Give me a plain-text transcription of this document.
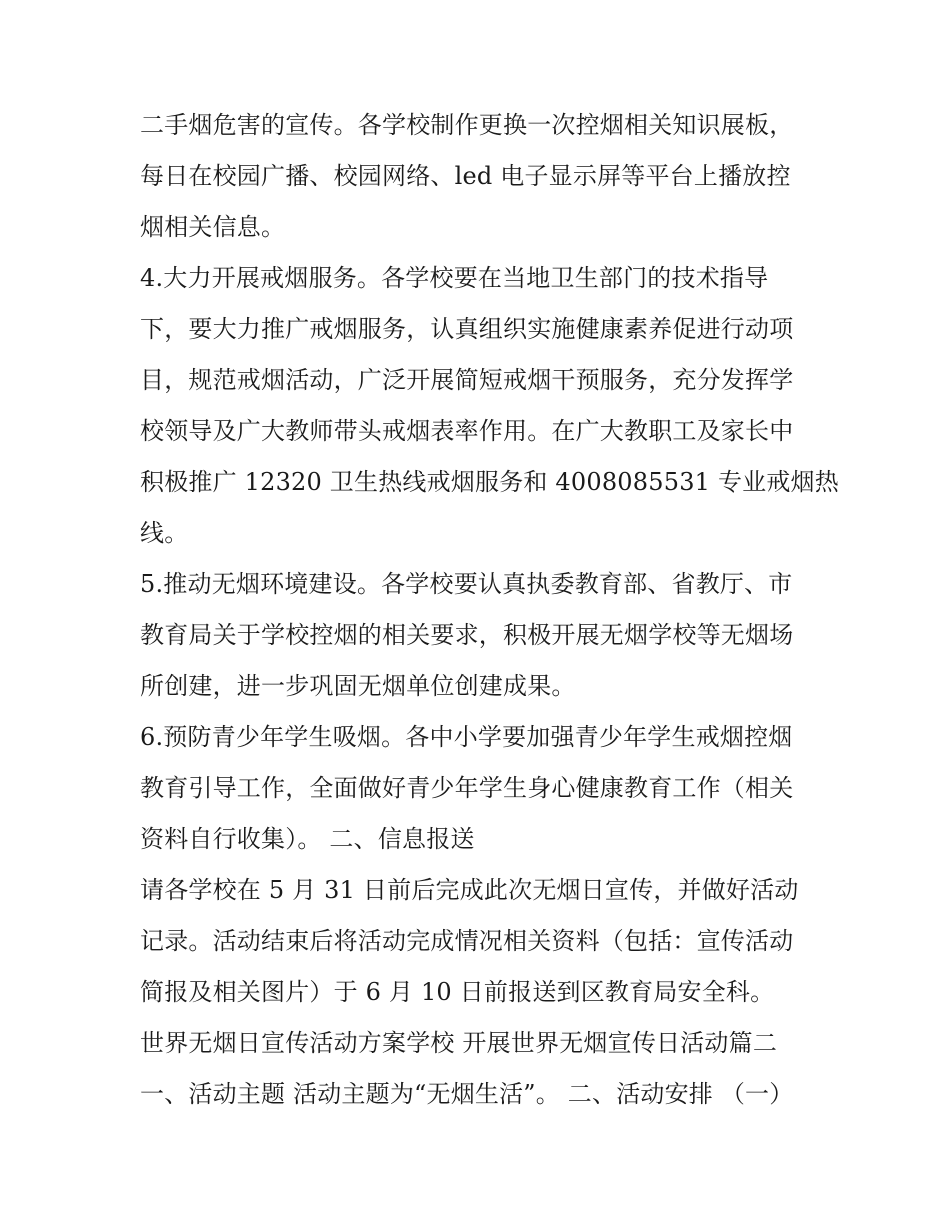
二手烟危害的宣传。各学校制作更换一次控烟相关知识展板，
每日在校园广播、校园网络、led 电子显示屏等平台上播放控
烟相关信息。
4.大力开展戒烟服务。各学校要在当地卫生部门的技术指导
下，要大力推广戒烟服务，认真组织实施健康素养促进行动项
目，规范戒烟活动，广泛开展简短戒烟干预服务，充分发挥学
校领导及广大教师带头戒烟表率作用。在广大教职工及家长中
积极推广 12320 卫生热线戒烟服务和 4008085531 专业戒烟热
线。
5.推动无烟环境建设。各学校要认真执委教育部、省教厅、市
教育局关于学校控烟的相关要求，积极开展无烟学校等无烟场
所创建，进一步巩固无烟单位创建成果。
6.预防青少年学生吸烟。各中小学要加强青少年学生戒烟控烟
教育引导工作，全面做好青少年学生身心健康教育工作（相关
资料自行收集）。 二、信息报送
请各学校在 5 月 31 日前后完成此次无烟日宣传，并做好活动
记录。活动结束后将活动完成情况相关资料（包括：宣传活动
简报及相关图片）于 6 月 10 日前报送到区教育局安全科。
世界无烟日宣传活动方案学校 开展世界无烟宣传日活动篇二
一、活动主题 活动主题为“无烟生活”。 二、活动安排 （一）
